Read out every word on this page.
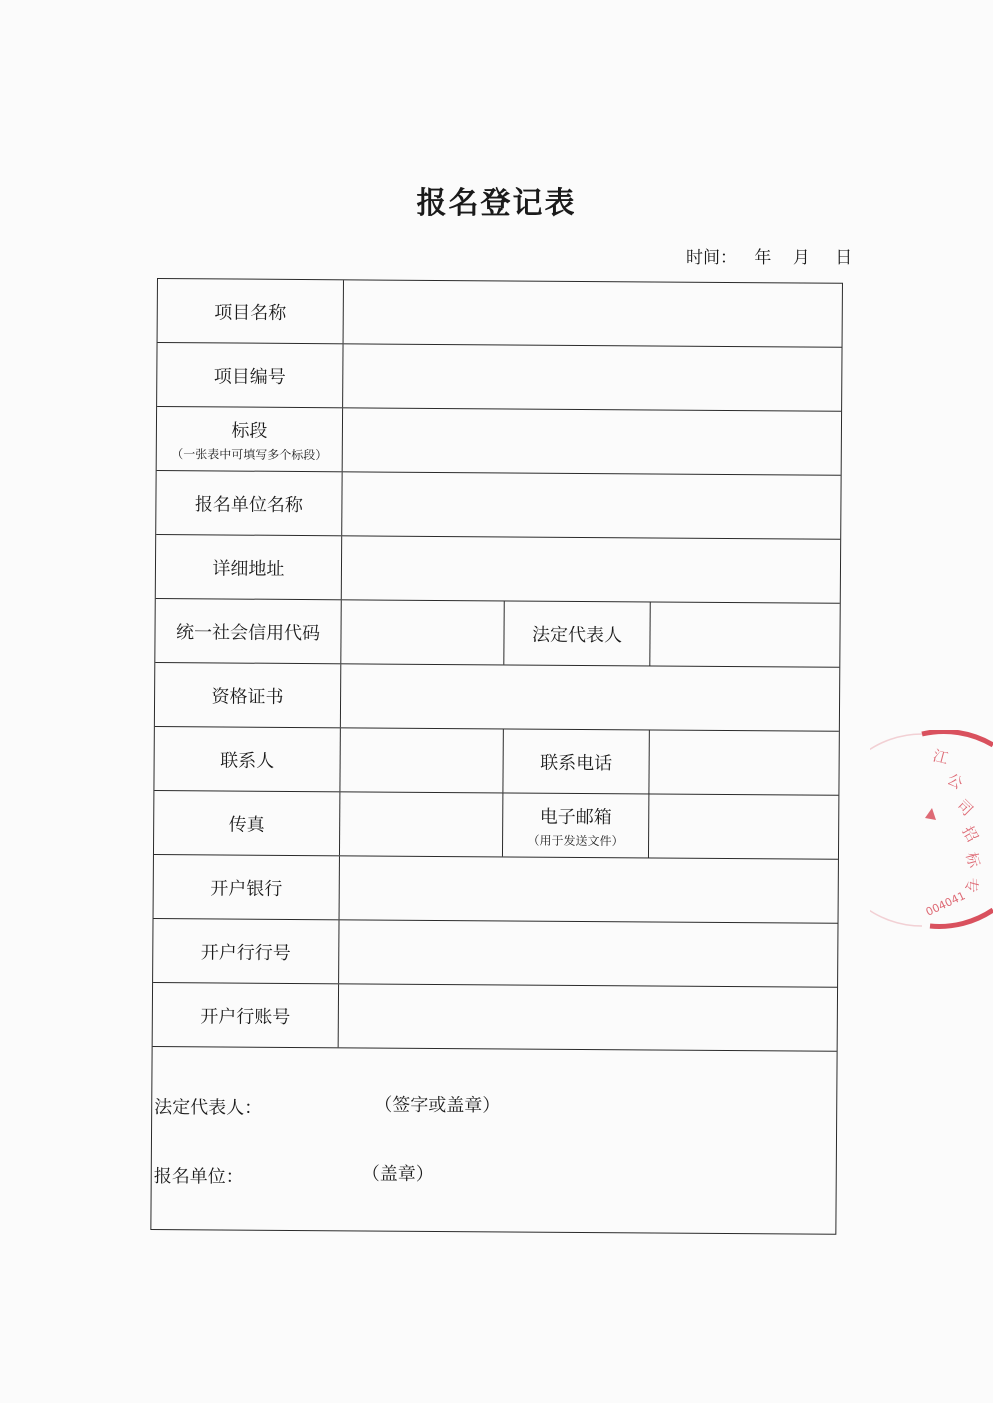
报名登记表
时间： 年 月 日
项目名称
项目编号
标段
（一张表中可填写多个标段）
报名单位名称
详细地址
统一社会信用代码	法定代表人
资格证书
联系人	联系电话
传真	电子邮箱
（用于发送文件）
开户银行
开户行行号
开户行账号
法定代表人：	（签字或盖章）
报名单位：	（盖章）
江
公
司
招
标
专
004041
